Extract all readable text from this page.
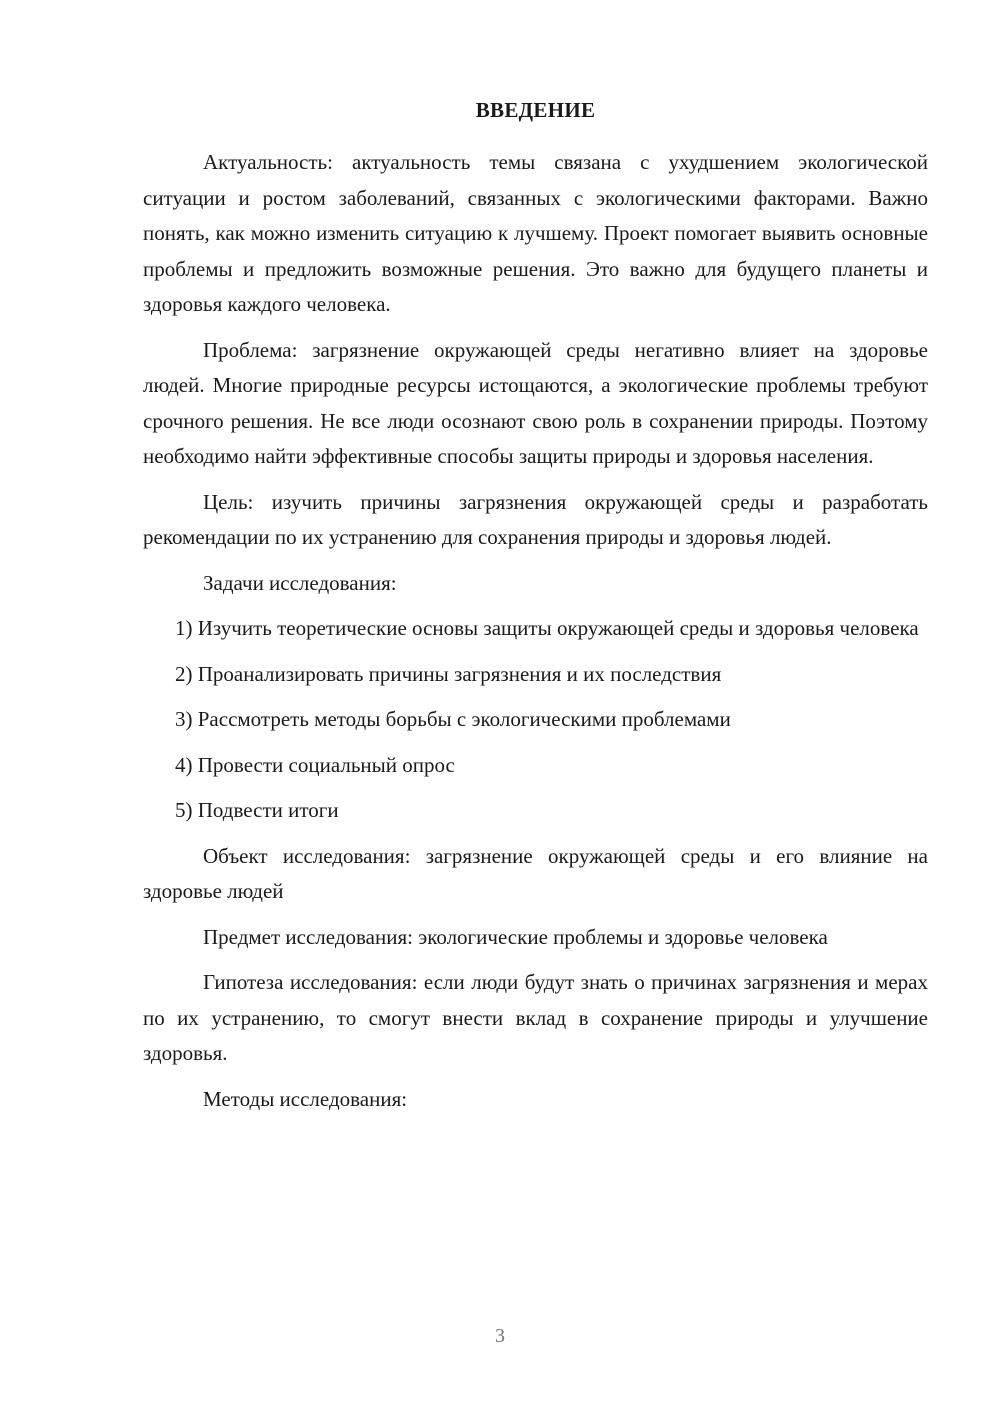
ВВЕДЕНИЕ

Актуальность: актуальность темы связана с ухудшением экологической ситуации и ростом заболеваний, связанных с экологическими факторами. Важно понять, как можно изменить ситуацию к лучшему. Проект помогает выявить основные проблемы и предложить возможные решения. Это важно для будущего планеты и здоровья каждого человека.

Проблема: загрязнение окружающей среды негативно влияет на здоровье людей. Многие природные ресурсы истощаются, а экологические проблемы требуют срочного решения. Не все люди осознают свою роль в сохранении природы. Поэтому необходимо найти эффективные способы защиты природы и здоровья населения.

Цель: изучить причины загрязнения окружающей среды и разработать рекомендации по их устранению для сохранения природы и здоровья людей.

Задачи исследования:

1) Изучить теоретические основы защиты окружающей среды и здоровья человека

2) Проанализировать причины загрязнения и их последствия

3) Рассмотреть методы борьбы с экологическими проблемами

4) Провести социальный опрос

5) Подвести итоги

Объект исследования: загрязнение окружающей среды и его влияние на здоровье людей

Предмет исследования: экологические проблемы и здоровье человека

Гипотеза исследования: если люди будут знать о причинах загрязнения и мерах по их устранению, то смогут внести вклад в сохранение природы и улучшение здоровья.

Методы исследования:

3
